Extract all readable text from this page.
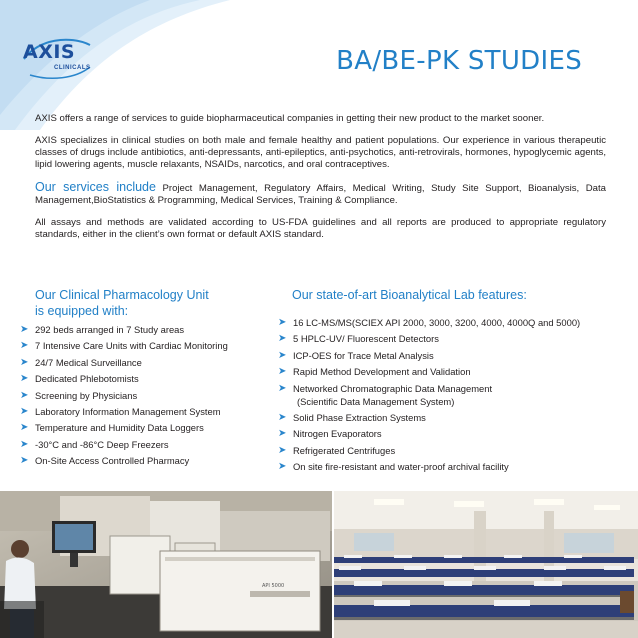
AXIS
CLINICALS	BA/BE-PK STUDIES

AXIS offers a range of services to guide biopharmaceutical companies in getting their new product to the market sooner.

AXIS specializes in clinical studies on both male and female healthy and patient populations. Our experience in various therapeutic classes of drugs include antibiotics, anti-depressants, anti-epileptics, anti-psychotics, anti-retrovirals, hormones, hypoglycemic agents, lipid lowering agents, muscle relaxants, NSAIDs, narcotics, and oral contraceptives.

Our services include Project Management, Regulatory Affairs, Medical Writing, Study Site Support, Bioanalysis, Data Management,BioStatistics & Programming, Medical Services, Training & Compliance.

All assays and methods are validated according to US-FDA guidelines and all reports are produced to appropriate regulatory standards, either in the client’s own format or default AXIS standard.

Our Clinical Pharmacology Unit
is equipped with:
➤ 292 beds arranged in 7 Study areas
➤ 7 Intensive Care Units with Cardiac Monitoring
➤ 24/7 Medical Surveillance
➤ Dedicated Phlebotomists
➤ Screening by Physicians
➤ Laboratory Information Management System
➤ Temperature and Humidity Data Loggers
➤ -30°C and -86°C Deep Freezers
➤ On-Site Access Controlled Pharmacy
Our state-of-art Bioanalytical Lab features:
➤ 16 LC-MS/MS(SCIEX API 2000, 3000, 3200, 4000, 4000Q and 5000)
➤ 5 HPLC-UV/ Fluorescent Detectors
➤ ICP-OES for Trace Metal Analysis
➤ Rapid Method Development and Validation
➤ Networked Chromatographic Data Management
(Scientific Data Management System)
➤ Solid Phase Extraction Systems
➤ Nitrogen Evaporators
➤ Refrigerated Centrifuges
➤ On site fire-resistant and water-proof archival facility
API 5000
